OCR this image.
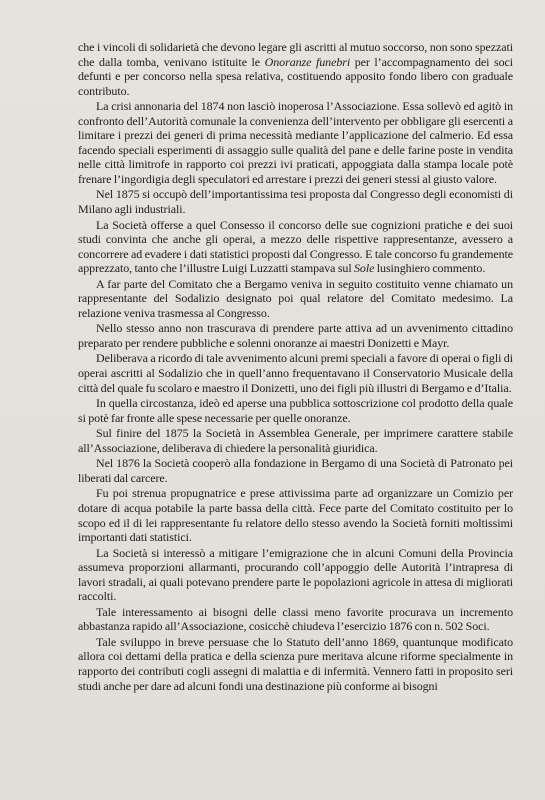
che i vincoli di solidarietà che devono legare gli ascritti al mutuo soccorso, non sono spezzati che dalla tomba, venivano istituite le Onoranze funebri per l’accompagnamento dei soci defunti e per concorso nella spesa relativa, costituendo apposito fondo libero con graduale contributo.

La crisi annonaria del 1874 non lasciò inoperosa l’Associazione. Essa sollevò ed agitò in confronto dell’Autorità comunale la convenienza dell’intervento per obbligare gli esercenti a limitare i prezzi dei generi di prima necessità mediante l’applicazione del calmerio. Ed essa facendo speciali esperimenti di assaggio sulle qualità del pane e delle farine poste in vendita nelle città limitrofe in rapporto coi prezzi ivi praticati, appoggiata dalla stampa locale potè frenare l’ingordigia degli speculatori ed arrestare i prezzi dei generi stessi al giusto valore.

Nel 1875 si occupò dell’importantissima tesi proposta dal Congresso degli economisti di Milano agli industriali.

La Società offerse a quel Consesso il concorso delle sue cognizioni pratiche e dei suoi studi convinta che anche gli operai, a mezzo delle rispettive rappresentanze, avessero a concorrere ad evadere i dati statistici proposti dal Congresso. E tale concorso fu grandemente apprezzato, tanto che l’illustre Luigi Luzzatti stampava sul Sole lusinghiero commento.

A far parte del Comitato che a Bergamo veniva in seguito costituito venne chiamato un rappresentante del Sodalizio designato poi qual relatore del Comitato medesimo. La relazione veniva trasmessa al Congresso.

Nello stesso anno non trascurava di prendere parte attiva ad un avvenimento cittadino preparato per rendere pubbliche e solenni onoranze ai maestri Donizetti e Mayr.

Deliberava a ricordo di tale avvenimento alcuni premi speciali a favore di operai o figli di operai ascritti al Sodalizio che in quell’anno frequentavano il Conservatorio Musicale della città del quale fu scolaro e maestro il Donizetti, uno dei figli più illustri di Bergamo e d’Italia.

In quella circostanza, ideò ed aperse una pubblica sottoscrizione col prodotto della quale si potè far fronte alle spese necessarie per quelle onoranze.

Sul finire del 1875 la Società in Assemblea Generale, per imprimere carattere stabile all’Associazione, deliberava di chiedere la personalità giuridica.

Nel 1876 la Società cooperò alla fondazione in Bergamo di una Società di Patronato pei liberati dal carcere.

Fu poi strenua propugnatrice e prese attivissima parte ad organizzare un Comizio per dotare di acqua potabile la parte bassa della città. Fece parte del Comitato costituito per lo scopo ed il di lei rappresentante fu relatore dello stesso avendo la Società forniti moltissimi importanti dati statistici.

La Società si interessò a mitigare l’emigrazione che in alcuni Comuni della Provincia assumeva proporzioni allarmanti, procurando coll’appoggio delle Autorità l’intrapresa di lavori stradali, ai quali potevano prendere parte le popolazioni agricole in attesa di migliorati raccolti.

Tale interessamento ai bisogni delle classi meno favorite procurava un incremento abbastanza rapido all’Associazione, cosicchè chiudeva l’esercizio 1876 con n. 502 Soci.

Tale sviluppo in breve persuase che lo Statuto dell’anno 1869, quantunque modificato allora coi dettami della pratica e della scienza pure meritava alcune riforme specialmente in rapporto dei contributi cogli assegni di malattia e di infermità. Vennero fatti in proposito seri studi anche per dare ad alcuni fondi una destinazione più conforme ai bisogni
